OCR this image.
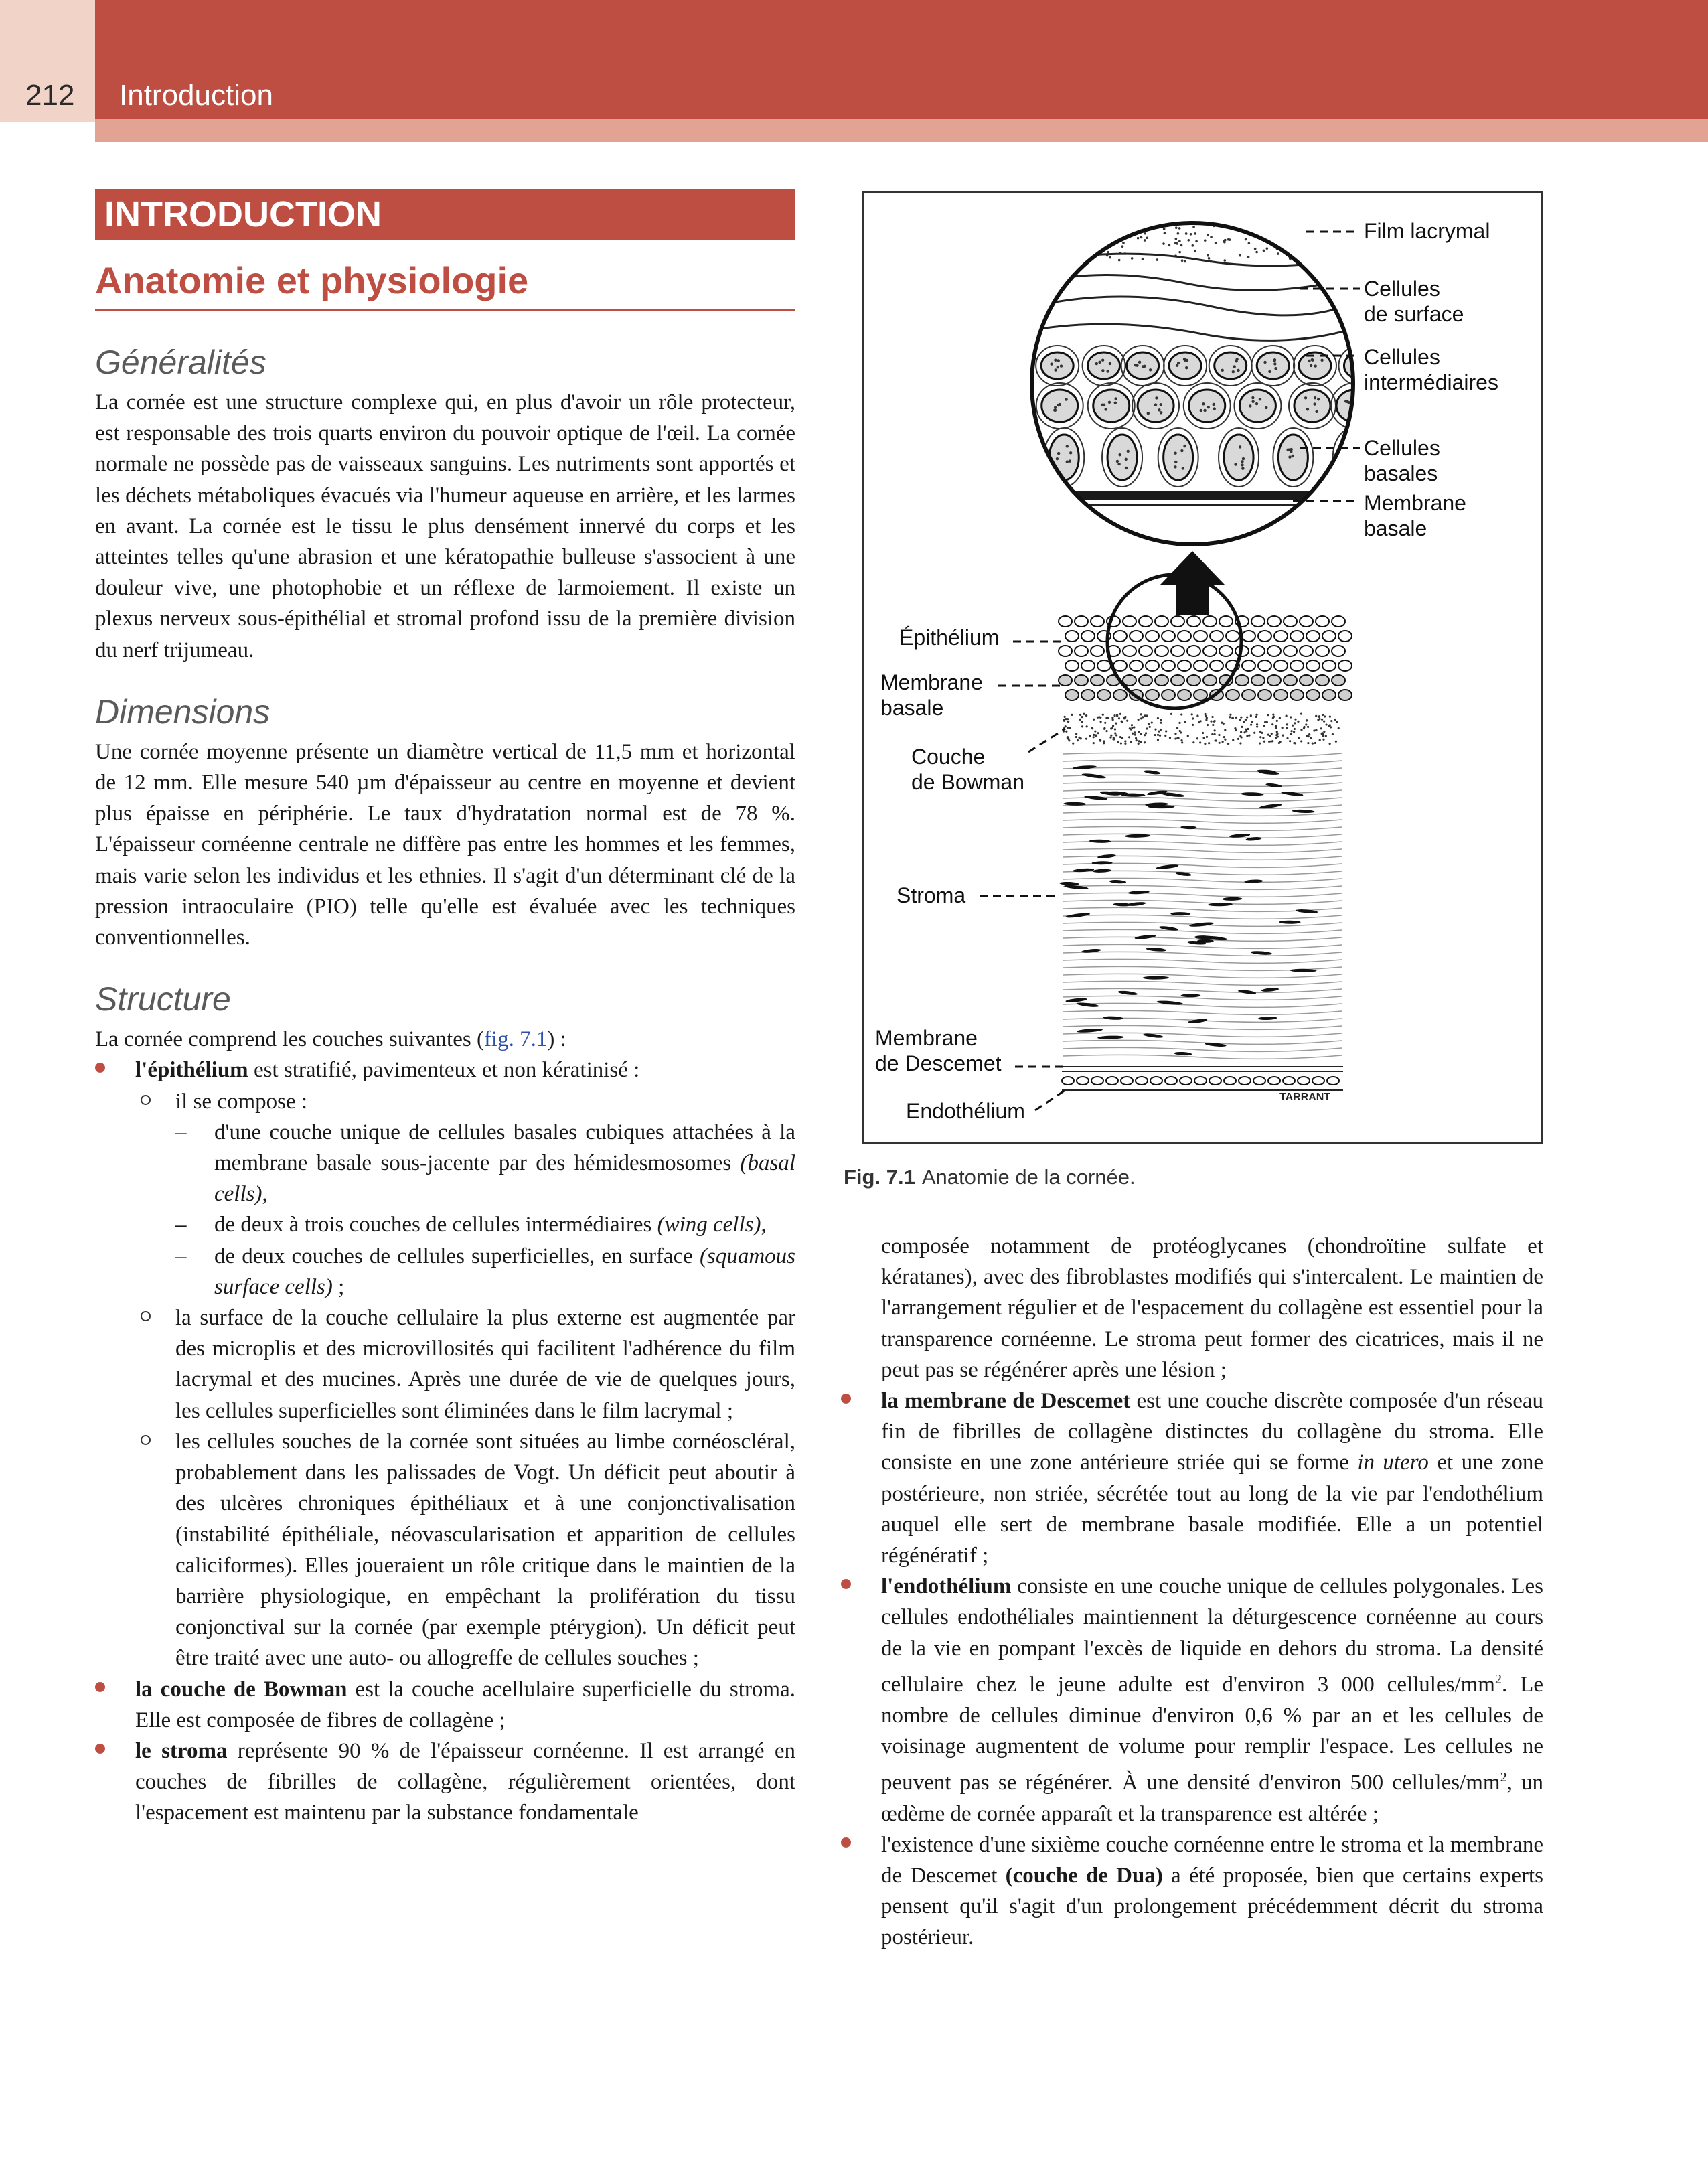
212 Introduction
INTRODUCTION
Anatomie et physiologie
Généralités

La cornée est une structure complexe qui, en plus d'avoir un rôle protecteur, est responsable des trois quarts environ du pouvoir optique de l'œil. La cornée normale ne possède pas de vaisseaux sanguins. Les nutriments sont apportés et les déchets métaboliques évacués via l'humeur aqueuse en arrière, et les larmes en avant. La cornée est le tissu le plus densément innervé du corps et les atteintes telles qu'une abrasion et une kératopathie bulleuse s'associent à une douleur vive, une photophobie et un réflexe de larmoiement. Il existe un plexus nerveux sous-épithélial et stromal profond issu de la première division du nerf trijumeau.

Dimensions

Une cornée moyenne présente un diamètre vertical de 11,5 mm et horizontal de 12 mm. Elle mesure 540 µm d'épaisseur au centre en moyenne et devient plus épaisse en périphérie. Le taux d'hydratation normal est de 78 %. L'épaisseur cornéenne centrale ne diffère pas entre les hommes et les femmes, mais varie selon les individus et les ethnies. Il s'agit d'un déterminant clé de la pression intraoculaire (PIO) telle qu'elle est évaluée avec les techniques conventionnelles.

Structure

La cornée comprend les couches suivantes (fig. 7.1) :

l'épithélium est stratifié, pavimenteux et non kératinisé :
il se compose :
– d'une couche unique de cellules basales cubiques attachées à la membrane basale sous-jacente par des hémidesmosomes (basal cells),
– de deux à trois couches de cellules intermédiaires (wing cells),
– de deux couches de cellules superficielles, en surface (squamous surface cells) ;
la surface de la couche cellulaire la plus externe est augmentée par des microplis et des microvillosités qui facilitent l'adhérence du film lacrymal et des mucines. Après une durée de vie de quelques jours, les cellules superficielles sont éliminées dans le film lacrymal ;
les cellules souches de la cornée sont situées au limbe cornéoscléral, probablement dans les palissades de Vogt. Un déficit peut aboutir à des ulcères chroniques épithéliaux et à une conjonctivalisation (instabilité épithéliale, néovascularisation et apparition de cellules caliciformes). Elles joueraient un rôle critique dans le maintien de la barrière physiologique, en empêchant la prolifération du tissu conjonctival sur la cornée (par exemple ptérygion). Un déficit peut être traité avec une auto- ou allogreffe de cellules souches ;
la couche de Bowman est la couche acellulaire superficielle du stroma. Elle est composée de fibres de collagène ;
le stroma représente 90 % de l'épaisseur cornéenne. Il est arrangé en couches de fibrilles de collagène, régulièrement orientées, dont l'espacement est maintenu par la substance fondamentale
TARRANT
Film lacrymal
Cellules
de surface
Cellules
intermédiaires
Cellules
basales
Membrane
basale
Épithélium
Membrane
basale
Couche
de Bowman
Stroma
Membrane
de Descemet
Endothélium
Fig. 7.1 Anatomie de la cornée.
composée notamment de protéoglycanes (chondroïtine sulfate et kératanes), avec des fibroblastes modifiés qui s'intercalent. Le maintien de l'arrangement régulier et de l'espacement du collagène est essentiel pour la transparence cornéenne. Le stroma peut former des cicatrices, mais il ne peut pas se régénérer après une lésion ;
la membrane de Descemet est une couche discrète composée d'un réseau fin de fibrilles de collagène distinctes du collagène du stroma. Elle consiste en une zone antérieure striée qui se forme in utero et une zone postérieure, non striée, sécrétée tout au long de la vie par l'endothélium auquel elle sert de membrane basale modifiée. Elle a un potentiel régénératif ;
l'endothélium consiste en une couche unique de cellules polygonales. Les cellules endothéliales maintiennent la déturgescence cornéenne au cours de la vie en pompant l'excès de liquide en dehors du stroma. La densité cellulaire chez le jeune adulte est d'environ 3 000 cellules/$mm^2$. Le nombre de cellules diminue d'environ 0,6 % par an et les cellules de voisinage augmentent de volume pour remplir l'espace. Les cellules ne peuvent pas se régénérer. À une densité d'environ 500 cellules/$mm^2$, un œdème de cornée apparaît et la transparence est altérée ;
l'existence d'une sixième couche cornéenne entre le stroma et la membrane de Descemet (couche de Dua) a été proposée, bien que certains experts pensent qu'il s'agit d'un prolongement précédemment décrit du stroma postérieur.
